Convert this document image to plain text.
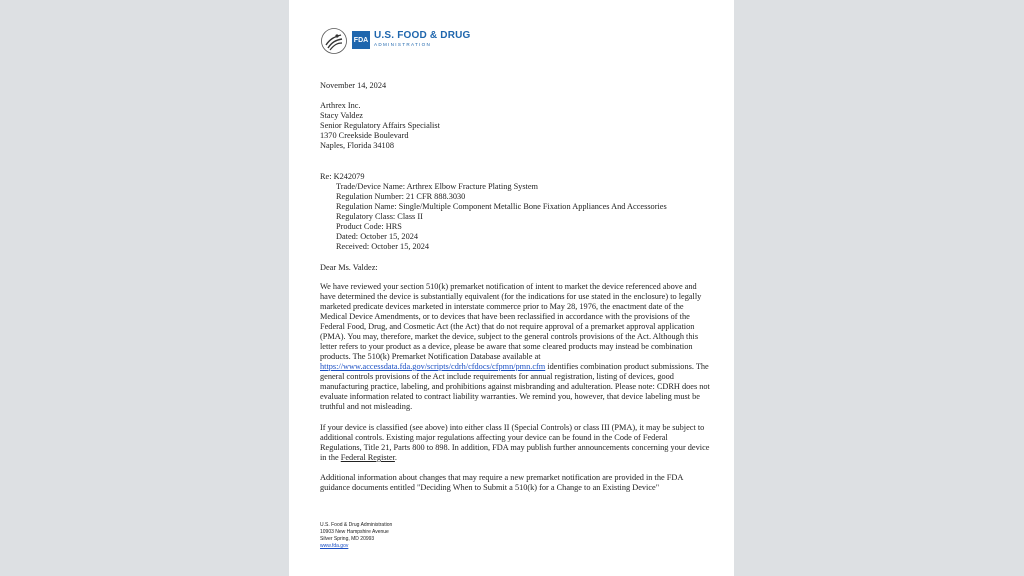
FDA U.S. FOOD & DRUG
ADMINISTRATION
November 14, 2024
Arthrex Inc.
Stacy Valdez
Senior Regulatory Affairs Specialist
1370 Creekside Boulevard
Naples, Florida 34108
Re: K242079
Trade/Device Name: Arthrex Elbow Fracture Plating System
Regulation Number: 21 CFR 888.3030
Regulation Name: Single/Multiple Component Metallic Bone Fixation Appliances And Accessories
Regulatory Class: Class II
Product Code: HRS
Dated: October 15, 2024
Received: October 15, 2024
Dear Ms. Valdez:
We have reviewed your section 510(k) premarket notification of intent to market the device referenced above and have determined the device is substantially equivalent (for the indications for use stated in the enclosure) to legally marketed predicate devices marketed in interstate commerce prior to May 28, 1976, the enactment date of the Medical Device Amendments, or to devices that have been reclassified in accordance with the provisions of the Federal Food, Drug, and Cosmetic Act (the Act) that do not require approval of a premarket approval application (PMA). You may, therefore, market the device, subject to the general controls provisions of the Act. Although this letter refers to your product as a device, please be aware that some cleared products may instead be combination products. The 510(k) Premarket Notification Database available at https://www.accessdata.fda.gov/scripts/cdrh/cfdocs/cfpmn/pmn.cfm identifies combination product submissions. The general controls provisions of the Act include requirements for annual registration, listing of devices, good manufacturing practice, labeling, and prohibitions against misbranding and adulteration. Please note: CDRH does not evaluate information related to contract liability warranties. We remind you, however, that device labeling must be truthful and not misleading.
If your device is classified (see above) into either class II (Special Controls) or class III (PMA), it may be subject to additional controls. Existing major regulations affecting your device can be found in the Code of Federal Regulations, Title 21, Parts 800 to 898. In addition, FDA may publish further announcements concerning your device in the Federal Register.
Additional information about changes that may require a new premarket notification are provided in the FDA guidance documents entitled "Deciding When to Submit a 510(k) for a Change to an Existing Device"
U.S. Food & Drug Administration
10903 New Hampshire Avenue
Silver Spring, MD 20993
www.fda.gov
